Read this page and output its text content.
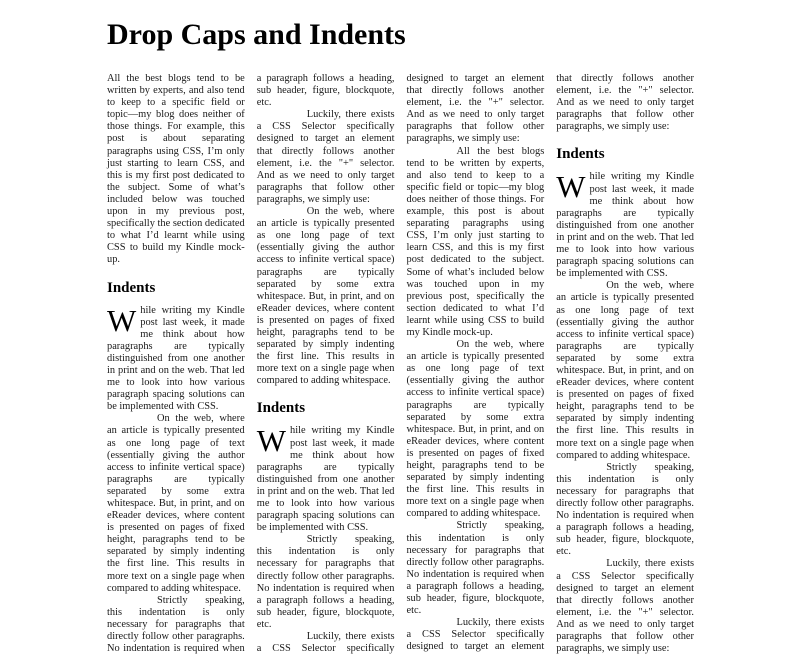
Drop Caps and Indents

All the best blogs tend to be written by experts, and also tend to keep to a specific field or topic—my blog does neither of those things. For example, this post is about separating paragraphs using CSS, I’m only just starting to learn CSS, and this is my first post dedicated to the subject. Some of what’s included below was touched upon in my previous post, specifically the section dedicated to what I’d learnt while using CSS to build my Kindle mock-up.

Indents

While writing my Kindle post last week, it made me think about how paragraphs are typically distinguished from one another in print and on the web. That led me to look into how various paragraph spacing solutions can be implemented with CSS.

On the web, where an article is typically presented as one long page of text (essentially giving the author access to infinite vertical space) paragraphs are typically separated by some extra whitespace. But, in print, and on eReader devices, where content is presented on pages of fixed height, paragraphs tend to be separated by simply indenting the first line. This results in more text on a single page when compared to adding whitespace.

Strictly speaking, this indentation is only necessary for paragraphs that directly follow other paragraphs. No indentation is required when a paragraph follows a heading, sub header, figure, blockquote, etc.

Luckily, there exists a CSS Selector specifically designed to target an element that directly follows another element, i.e. the "+" selector. And as we need to only target paragraphs that follow other paragraphs, we simply use:

On the web, where an article is typically presented as one long page of text (essentially giving the author access to infinite vertical space) paragraphs are typically separated by some extra whitespace. But, in print, and on eReader devices, where content is presented on pages of fixed height, paragraphs tend to be separated by simply indenting the first line. This results in more text on a single page when compared to adding whitespace.

Indents

While writing my Kindle post last week, it made me think about how paragraphs are typically distinguished from one another in print and on the web. That led me to look into how various paragraph spacing solutions can be implemented with CSS.

Strictly speaking, this indentation is only necessary for paragraphs that directly follow other paragraphs. No indentation is required when a paragraph follows a heading, sub header, figure, blockquote, etc.

Luckily, there exists a CSS Selector specifically designed to target an element that directly follows another element, i.e. the "+" selector. And as we need to only target paragraphs that follow other paragraphs, we simply use:

All the best blogs tend to be written by experts, and also tend to keep to a specific field or topic—my blog does neither of those things. For example, this post is about separating paragraphs using CSS, I’m only just starting to learn CSS, and this is my first post dedicated to the subject. Some of what’s included below was touched upon in my previous post, specifically the section dedicated to what I’d learnt while using CSS to build my Kindle mock-up.

On the web, where an article is typically presented as one long page of text (essentially giving the author access to infinite vertical space) paragraphs are typically separated by some extra whitespace. But, in print, and on eReader devices, where content is presented on pages of fixed height, paragraphs tend to be separated by simply indenting the first line. This results in more text on a single page when compared to adding whitespace.

Strictly speaking, this indentation is only necessary for paragraphs that directly follow other paragraphs. No indentation is required when a paragraph follows a heading, sub header, figure, blockquote, etc.

Luckily, there exists a CSS Selector specifically designed to target an element that directly follows another element, i.e. the "+" selector. And as we need to only target paragraphs that follow other paragraphs, we simply use:

Indents

While writing my Kindle post last week, it made me think about how paragraphs are typically distinguished from one another in print and on the web. That led me to look into how various paragraph spacing solutions can be implemented with CSS.

On the web, where an article is typically presented as one long page of text (essentially giving the author access to infinite vertical space) paragraphs are typically separated by some extra whitespace. But, in print, and on eReader devices, where content is presented on pages of fixed height, paragraphs tend to be separated by simply indenting the first line. This results in more text on a single page when compared to adding whitespace.

Strictly speaking, this indentation is only necessary for paragraphs that directly follow other paragraphs. No indentation is required when a paragraph follows a heading, sub header, figure, blockquote, etc.

Luckily, there exists a CSS Selector specifically designed to target an element that directly follows another element, i.e. the "+" selector. And as we need to only target paragraphs that follow other paragraphs, we simply use:
